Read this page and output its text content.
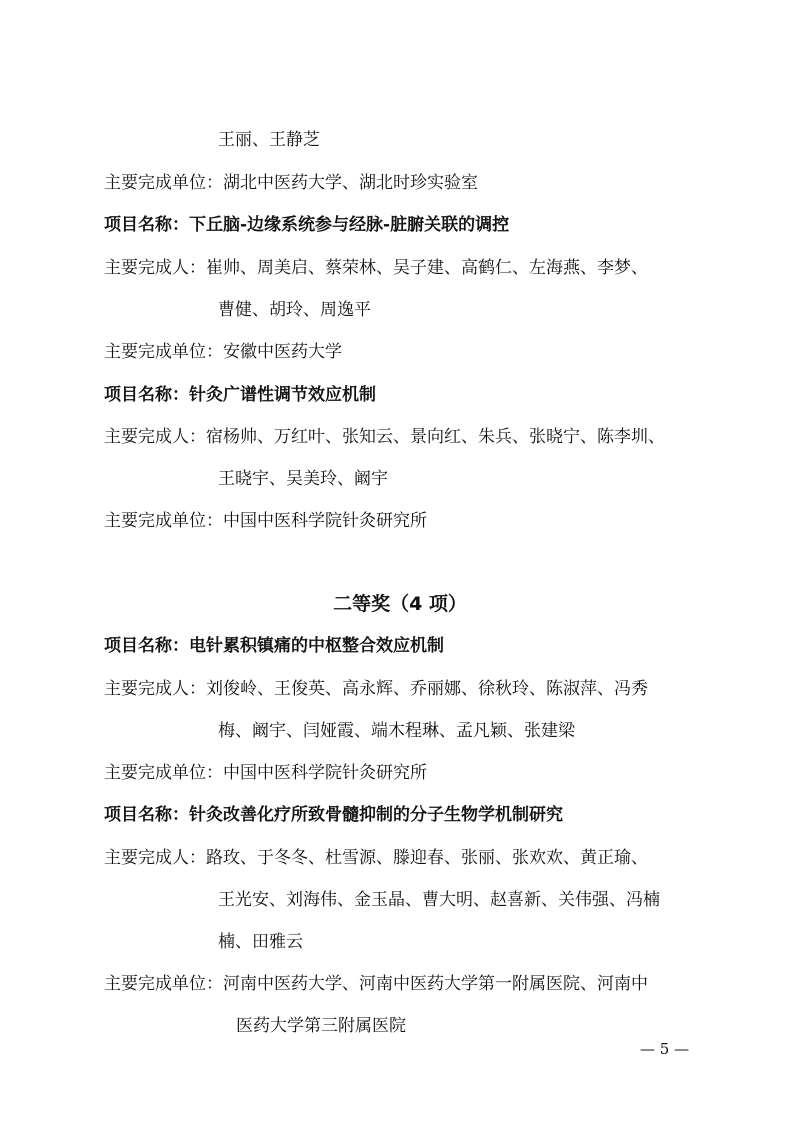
王丽、王静芝
主要完成单位：湖北中医药大学、湖北时珍实验室
项目名称：下丘脑-边缘系统参与经脉-脏腑关联的调控
主要完成人：崔帅、周美启、蔡荣林、吴子建、高鹤仁、左海燕、李梦、
曹健、胡玲、周逸平
主要完成单位：安徽中医药大学
项目名称：针灸广谱性调节效应机制
主要完成人：宿杨帅、万红叶、张知云、景向红、朱兵、张晓宁、陈李圳、
王晓宇、吴美玲、阚宇
主要完成单位：中国中医科学院针灸研究所
二等奖（4 项）
项目名称：电针累积镇痛的中枢整合效应机制
主要完成人：刘俊岭、王俊英、高永辉、乔丽娜、徐秋玲、陈淑萍、冯秀
梅、阚宇、闫娅霞、端木程琳、孟凡颖、张建梁
主要完成单位：中国中医科学院针灸研究所
项目名称：针灸改善化疗所致骨髓抑制的分子生物学机制研究
主要完成人：路玫、于冬冬、杜雪源、滕迎春、张丽、张欢欢、黄正瑜、
王光安、刘海伟、金玉晶、曹大明、赵喜新、关伟强、冯楠
楠、田雅云
主要完成单位：河南中医药大学、河南中医药大学第一附属医院、河南中
医药大学第三附属医院
— 5 —
